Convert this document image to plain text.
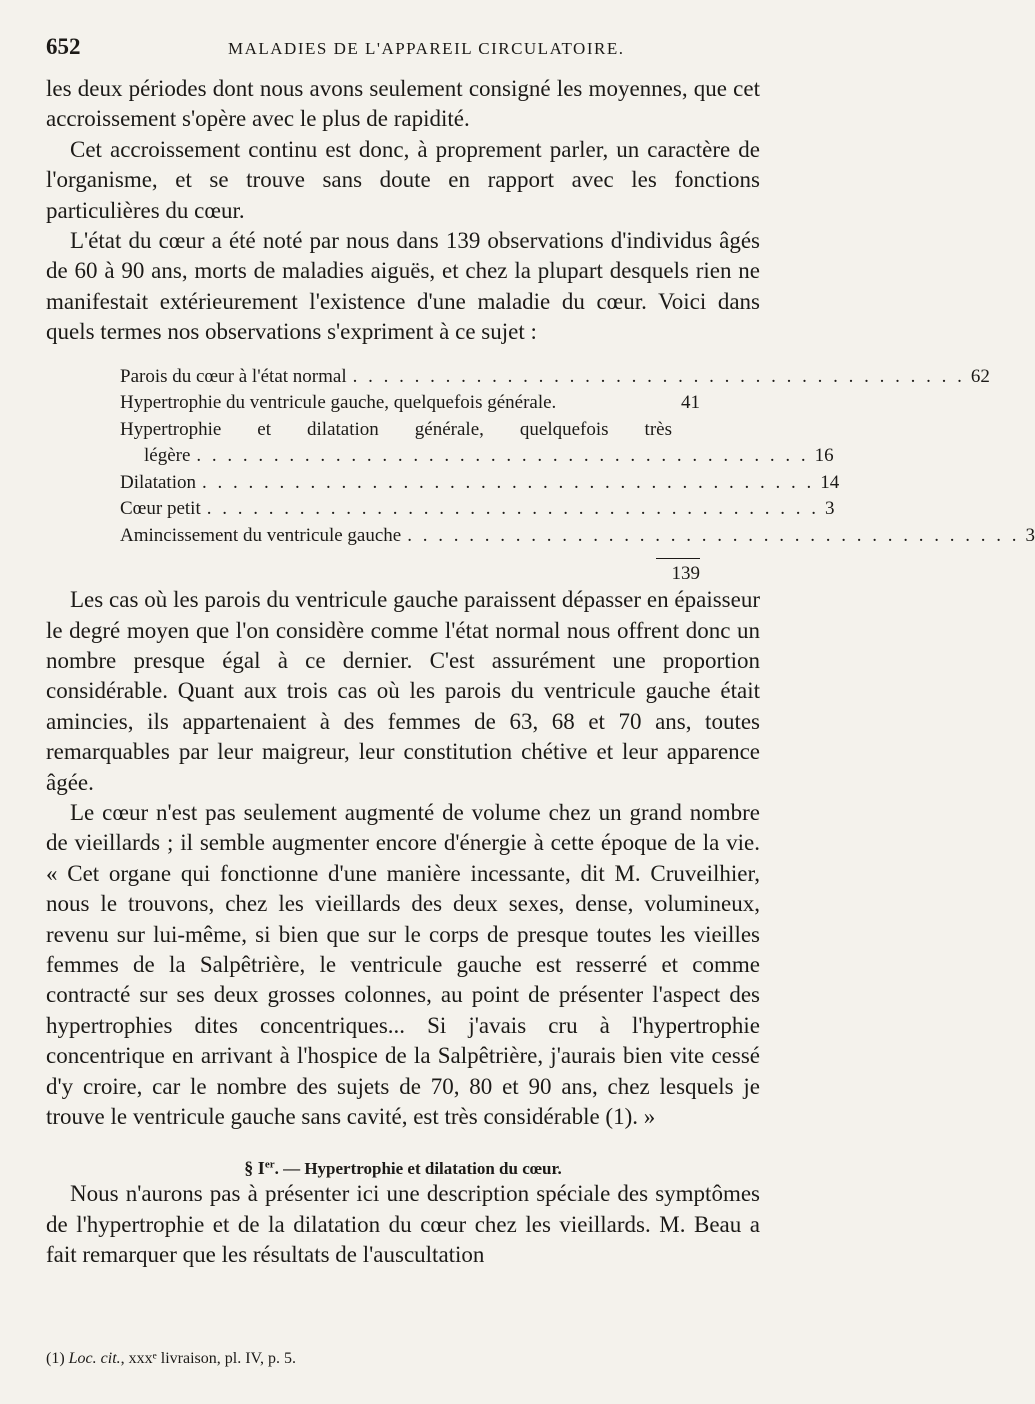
652	MALADIES DE L'APPAREIL CIRCULATOIRE.

les deux périodes dont nous avons seulement consigné les moyennes, que cet accroissement s'opère avec le plus de rapidité.

Cet accroissement continu est donc, à proprement parler, un caractère de l'organisme, et se trouve sans doute en rapport avec les fonctions particulières du cœur.

L'état du cœur a été noté par nous dans 139 observations d'individus âgés de 60 à 90 ans, morts de maladies aiguës, et chez la plupart desquels rien ne manifestait extérieurement l'existence d'une maladie du cœur. Voici dans quels termes nos observations s'expriment à ce sujet :

Parois du cœur à l'état normal . . . . . . . . . . . . . . . . . . . . . . . . . . . . . . . . . . . . . . . . 62
Hypertrophie du ventricule gauche, quelquefois générale.	41
Hypertrophie et dilatation générale, quelquefois très
légère . . . . . . . . . . . . . . . . . . . . . . . . . . . . . . . . . . . . . . . . 16
Dilatation . . . . . . . . . . . . . . . . . . . . . . . . . . . . . . . . . . . . . . . . 14
Cœur petit . . . . . . . . . . . . . . . . . . . . . . . . . . . . . . . . . . . . . . . . 3
Amincissement du ventricule gauche . . . . . . . . . . . . . . . . . . . . . . . . . . . . . . . . . . . . . . . . 3
139

Les cas où les parois du ventricule gauche paraissent dépasser en épaisseur le degré moyen que l'on considère comme l'état normal nous offrent donc un nombre presque égal à ce dernier. C'est assurément une proportion considérable. Quant aux trois cas où les parois du ventricule gauche était amincies, ils appartenaient à des femmes de 63, 68 et 70 ans, toutes remarquables par leur maigreur, leur constitution chétive et leur apparence âgée.

Le cœur n'est pas seulement augmenté de volume chez un grand nombre de vieillards ; il semble augmenter encore d'énergie à cette époque de la vie. « Cet organe qui fonctionne d'une manière incessante, dit M. Cruveilhier, nous le trouvons, chez les vieillards des deux sexes, dense, volumineux, revenu sur lui-même, si bien que sur le corps de presque toutes les vieilles femmes de la Salpêtrière, le ventricule gauche est resserré et comme contracté sur ses deux grosses colonnes, au point de présenter l'aspect des hypertrophies dites concentriques... Si j'avais cru à l'hypertrophie concentrique en arrivant à l'hospice de la Salpêtrière, j'aurais bien vite cessé d'y croire, car le nombre des sujets de 70, 80 et 90 ans, chez lesquels je trouve le ventricule gauche sans cavité, est très considérable (1). »

§ Ier. — Hypertrophie et dilatation du cœur.

Nous n'aurons pas à présenter ici une description spéciale des symptômes de l'hypertrophie et de la dilatation du cœur chez les vieillards. M. Beau a fait remarquer que les résultats de l'auscultation

(1) Loc. cit., xxxᵉ livraison, pl. IV, p. 5.
